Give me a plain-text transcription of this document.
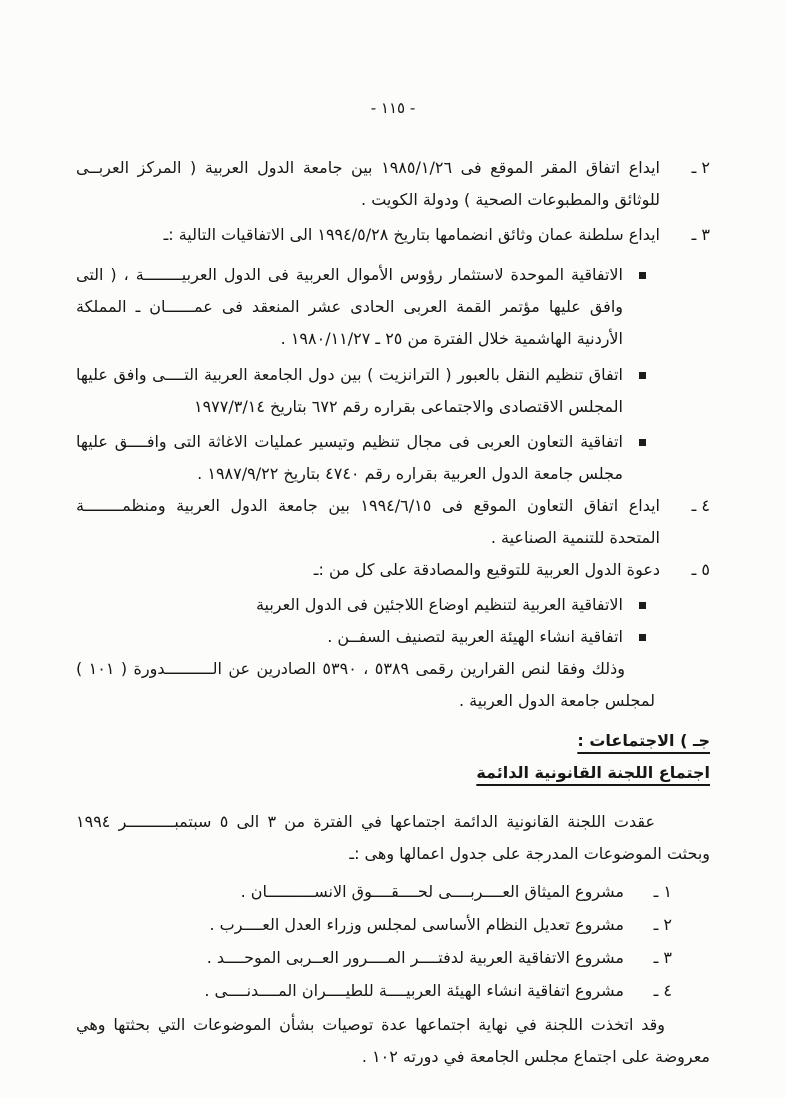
- ١١٥ -
٢ ـ
ايداع اتفاق المقر الموقع فى ١٩٨٥/١/٢٦ بين جامعة الدول العربية ( المركز العربــى للوثائق والمطبوعات الصحية ) ودولة الكويت .
٣ ـ
ايداع سلطنة عمان وثائق انضمامها بتاريخ ١٩٩٤/٥/٢٨ الى الاتفاقيات التالية :ـ
الاتفاقية الموحدة لاستثمار رؤوس الأموال العربية فى الدول العربيــــــــة ، ( التى وافق عليها مؤتمر القمة العربى الحادى عشر المنعقد فى عمــــــان ـ المملكة الأردنية الهاشمية خلال الفترة من ٢٥ ـ ١٩٨٠/١١/٢٧ .
اتفاق تنظيم النقل بالعبور ( الترانزيت ) بين دول الجامعة العربية التــــى وافق عليها المجلس الاقتصادى والاجتماعى بقراره رقم ٦٧٢ بتاريخ ١٩٧٧/٣/١٤
اتفاقية التعاون العربى فى مجال تنظيم وتيسير عمليات الاغاثة التى وافــــق عليها مجلس جامعة الدول العربية بقراره رقم ٤٧٤٠ بتاريخ ١٩٨٧/٩/٢٢ .
٤ ـ
ايداع اتفاق التعاون الموقع فى ١٩٩٤/٦/١٥ بين جامعة الدول العربية ومنظمــــــــة المتحدة للتنمية الصناعية .
٥ ـ
دعوة الدول العربية للتوقيع والمصادقة على كل من :ـ
الاتفاقية العربية لتنظيم اوضاع اللاجئين فى الدول العربية
اتفاقية انشاء الهيئة العربية لتصنيف السفــن .

وذلك وفقا لنص القرارين رقمى ٥٣٨٩ ، ٥٣٩٠ الصادرين عن الــــــــــدورة ( ١٠١ ) لمجلس جامعة الدول العربية .

جـ ) الاجتماعات :
اجتماع اللجنة القانونية الدائمة

عقدت اللجنة القانونية الدائمة اجتماعها في الفترة من ٣ الى ٥ سبتمبــــــــــر ١٩٩٤ وبحثت الموضوعات المدرجة على جدول اعمالها وهى :ـ

١ ـ
مشروع الميثاق العــــربــــى لحــــقــــوق الانســــــــــان .
٢ ـ
مشروع تعديل النظام الأساسى لمجلس وزراء العدل العــــرب .
٣ ـ
مشروع الاتفاقية العربية لدفتــــر المــــرور العــربى الموحــــد .
٤ ـ
مشروع اتفاقية انشاء الهيئة العربيــــة للطيــــران المــــدنــــى .

وقد اتخذت اللجنة في نهاية اجتماعها عدة توصيات بشأن الموضوعات التي بحثتها وهي معروضة على اجتماع مجلس الجامعة في دورته ١٠٢ .
